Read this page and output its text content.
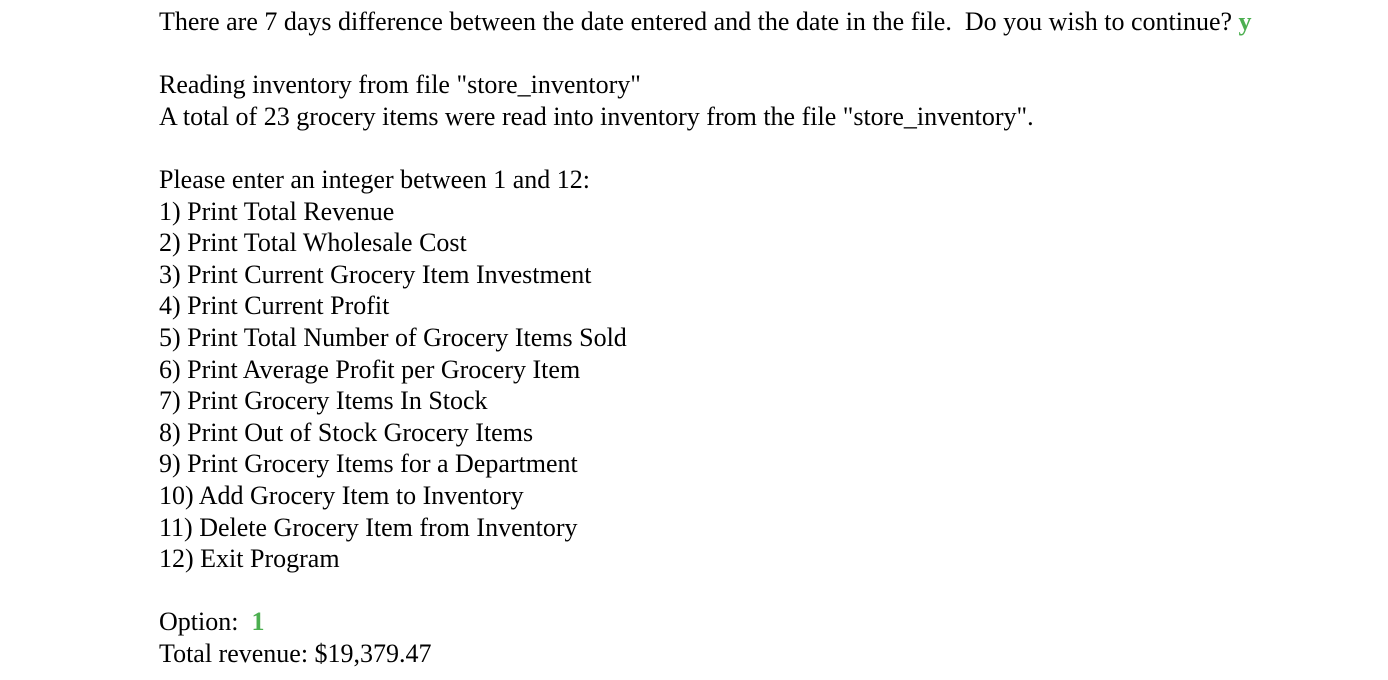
There are 7 days difference between the date entered and the date in the file.  Do you wish to continue? y
Reading inventory from file "store_inventory"
A total of 23 grocery items were read into inventory from the file "store_inventory".
Please enter an integer between 1 and 12:
1) Print Total Revenue
2) Print Total Wholesale Cost
3) Print Current Grocery Item Investment
4) Print Current Profit
5) Print Total Number of Grocery Items Sold
6) Print Average Profit per Grocery Item
7) Print Grocery Items In Stock
8) Print Out of Stock Grocery Items
9) Print Grocery Items for a Department
10) Add Grocery Item to Inventory
11) Delete Grocery Item from Inventory
12) Exit Program
Option:  1
Total revenue: $19,379.47
